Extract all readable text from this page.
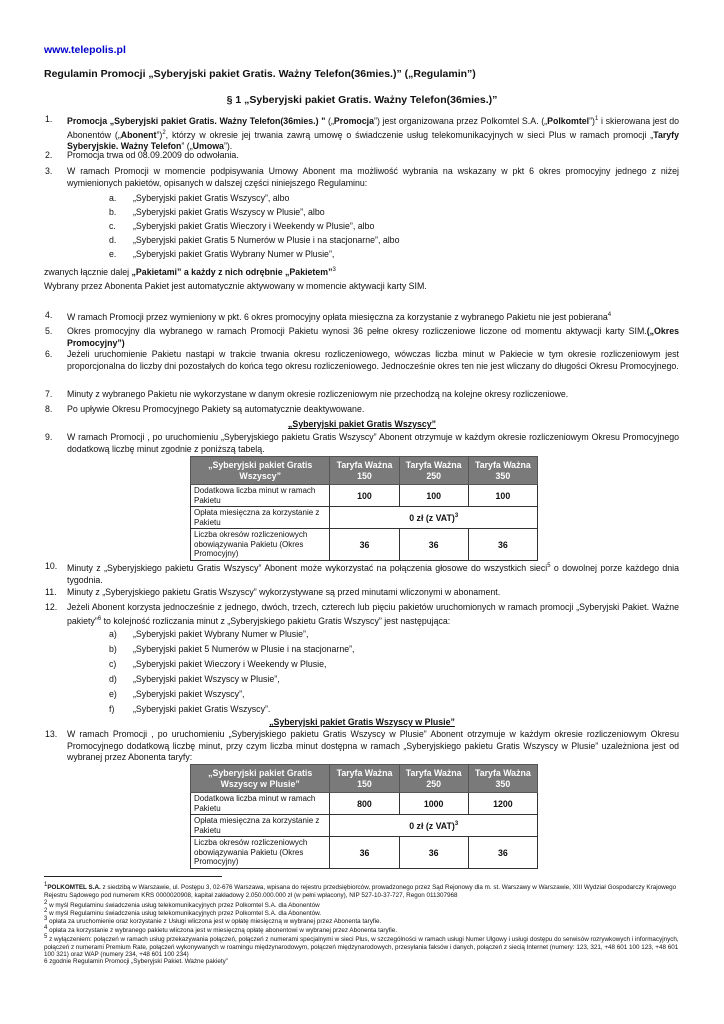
www.telepolis.pl
Regulamin Promocji „Syberyjski pakiet Gratis. Ważny Telefon(36mies.)” („Regulamin”)
§ 1 „Syberyjski pakiet Gratis. Ważny Telefon(36mies.)”
1. Promocja „Syberyjski pakiet Gratis. Ważny Telefon(36mies.) " („Promocja”) jest organizowana przez Polkomtel S.A. („Polkomtel”)$^1$ i skierowana jest do Abonentów („Abonent”)$^2$, którzy w okresie jej trwania zawrą umowę o świadczenie usług telekomunikacyjnych w sieci Plus w ramach promocji „Taryfy Syberyjskie. Ważny Telefon” („Umowa”).
2. Promocja trwa od 08.09.2009 do odwołania.
3. W ramach Promocji w momencie podpisywania Umowy Abonent ma możliwość wybrania na wskazany w pkt 6 okres promocyjny jednego z niżej wymienionych pakietów, opisanych w dalszej części niniejszego Regulaminu:
a. „Syberyjski pakiet Gratis Wszyscy”, albo
b. „Syberyjski pakiet Gratis Wszyscy w Plusie”, albo
c. „Syberyjski pakiet Gratis Wieczory i Weekendy w Plusie”, albo
d. „Syberyjski pakiet Gratis 5 Numerów w Plusie i na stacjonarne”, albo
e. „Syberyjski pakiet Gratis Wybrany Numer w Plusie”,
zwanych łącznie dalej „Pakietami” a każdy z nich odrębnie „Pakietem”$^3$
Wybrany przez Abonenta Pakiet jest automatycznie aktywowany w momencie aktywacji karty SIM.
4. W ramach Promocji przez wymieniony w pkt. 6 okres promocyjny opłata miesięczna za korzystanie z wybranego Pakietu nie jest pobierana$^4$
5. Okres promocyjny dla wybranego w ramach Promocji Pakietu wynosi 36 pełne okresy rozliczeniowe liczone od momentu aktywacji karty SIM.(„Okres Promocyjny”)
6. Jeżeli uruchomienie Pakietu nastąpi w trakcie trwania okresu rozliczeniowego, wówczas liczba minut w Pakiecie w tym okresie rozliczeniowym jest proporcjonalna do liczby dni pozostałych do końca tego okresu rozliczeniowego. Jednocześnie okres ten nie jest wliczany do długości Okresu Promocyjnego.
7. Minuty z wybranego Pakietu nie wykorzystane w danym okresie rozliczeniowym nie przechodzą na kolejne okresy rozliczeniowe.
8. Po upływie Okresu Promocyjnego Pakiety są automatycznie deaktywowane.
„Syberyjski pakiet Gratis Wszyscy”
9. W ramach Promocji , po uruchomieniu „Syberyjskiego pakietu Gratis Wszyscy” Abonent otrzymuje w każdym okresie rozliczeniowym Okresu Promocyjnego dodatkową liczbę minut zgodnie z poniższą tabelą.
„Syberyjski pakiet Gratis Wszyscy”	Taryfa Ważna 150	Taryfa Ważna 250	Taryfa Ważna 350
Dodatkowa liczba minut w ramach Pakietu	100	100	100
Opłata miesięczna za korzystanie z Pakietu	0 zł (z VAT)$^3$
Liczba okresów rozliczeniowych obowiązywania Pakietu (Okres Promocyjny)	36	36	36
10. Minuty z „Syberyjskiego pakietu Gratis Wszyscy” Abonent może wykorzystać na połączenia głosowe do wszystkich sieci$^5$ o dowolnej porze każdego dnia tygodnia.
11. Minuty z „Syberyjskiego pakietu Gratis Wszyscy” wykorzystywane są przed minutami wliczonymi w abonament.
12. Jeżeli Abonent korzysta jednocześnie z jednego, dwóch, trzech, czterech lub pięciu pakietów uruchomionych w ramach promocji „Syberyjski Pakiet. Ważne pakiety”$^6$ to kolejność rozliczania minut z „Syberyjskiego pakietu Gratis Wszyscy” jest następująca:
a) „Syberyjski pakiet Wybrany Numer w Plusie”,
b) „Syberyjski pakiet 5 Numerów w Plusie i na stacjonarne”,
c) „Syberyjski pakiet Wieczory i Weekendy w Plusie,
d) „Syberyjski pakiet Wszyscy w Plusie”,
e) „Syberyjski pakiet Wszyscy”,
f) „Syberyjski pakiet Gratis Wszyscy”.
„Syberyjski pakiet Gratis Wszyscy w Plusie”
13. W ramach Promocji , po uruchomieniu „Syberyjskiego pakietu Gratis Wszyscy w Plusie” Abonent otrzymuje w każdym okresie rozliczeniowym Okresu Promocyjnego dodatkową liczbę minut, przy czym liczba minut dostępna w ramach „Syberyjskiego pakietu Gratis Wszyscy w Plusie” uzależniona jest od wybranej przez Abonenta taryfy:
„Syberyjski pakiet Gratis Wszyscy w Plusie”	Taryfa Ważna 150	Taryfa Ważna 250	Taryfa Ważna 350
Dodatkowa liczba minut w ramach Pakietu	800	1000	1200
Opłata miesięczna za korzystanie z Pakietu	0 zł (z VAT)$^3$
Liczba okresów rozliczeniowych obowiązywania Pakietu (Okres Promocyjny)	36	36	36
$^1$POLKOMTEL S.A. z siedzibą w Warszawie, ul. Postępu 3, 02-676 Warszawa, wpisana do rejestru przedsiębiorców, prowadzonego przez Sąd Rejonowy dla m. st. Warszawy w Warszawie, XIII Wydział Gospodarczy Krajowego Rejestru Sądowego pod numerem KRS 0000020908, kapitał zakładowy 2.050.000.000 zł (w pełni wpłacony), NIP 527-10-37-727, Regon 011307968
$^2$ w myśl Regulaminu świadczenia usług telekomunikacyjnych przez Polkomtel S.A. dla Abonentów
$^2$ w myśl Regulaminu świadczenia usług telekomunikacyjnych przez Polkomtel S.A. dla Abonentów.
$^3$ opłata za uruchomienie oraz korzystanie z Usługi wliczona jest w opłatę miesięczną w wybranej przez Abonenta taryfie.
$^4$ opłata za korzystanie z wybranego pakietu wliczona jest w miesięczną opłatę abonentowi w wybranej przez Abonenta taryfie.
$^5$ z wyłączeniem: połączeń w ramach usług przekazywania połączeń, połączeń z numerami specjalnymi w sieci Plus, w szczególności w ramach usługi Numer Ulgowy i usługi dostępu do serwisów rozrywkowych i informacyjnych, połączeń z numerami Premium Rate, połączeń wykonywanych w roamingu międzynarodowym, połączeń międzynarodowych, przesyłania faksów i danych, połączeń z siecią Internet (numery: 123, 321, +48 601 100 123, +48 601 100 321) oraz WAP (numery 234, +48 601 100 234)
6 zgodnie Regulamin Promocji „Syberyjski Pakiet. Ważne pakiety”
